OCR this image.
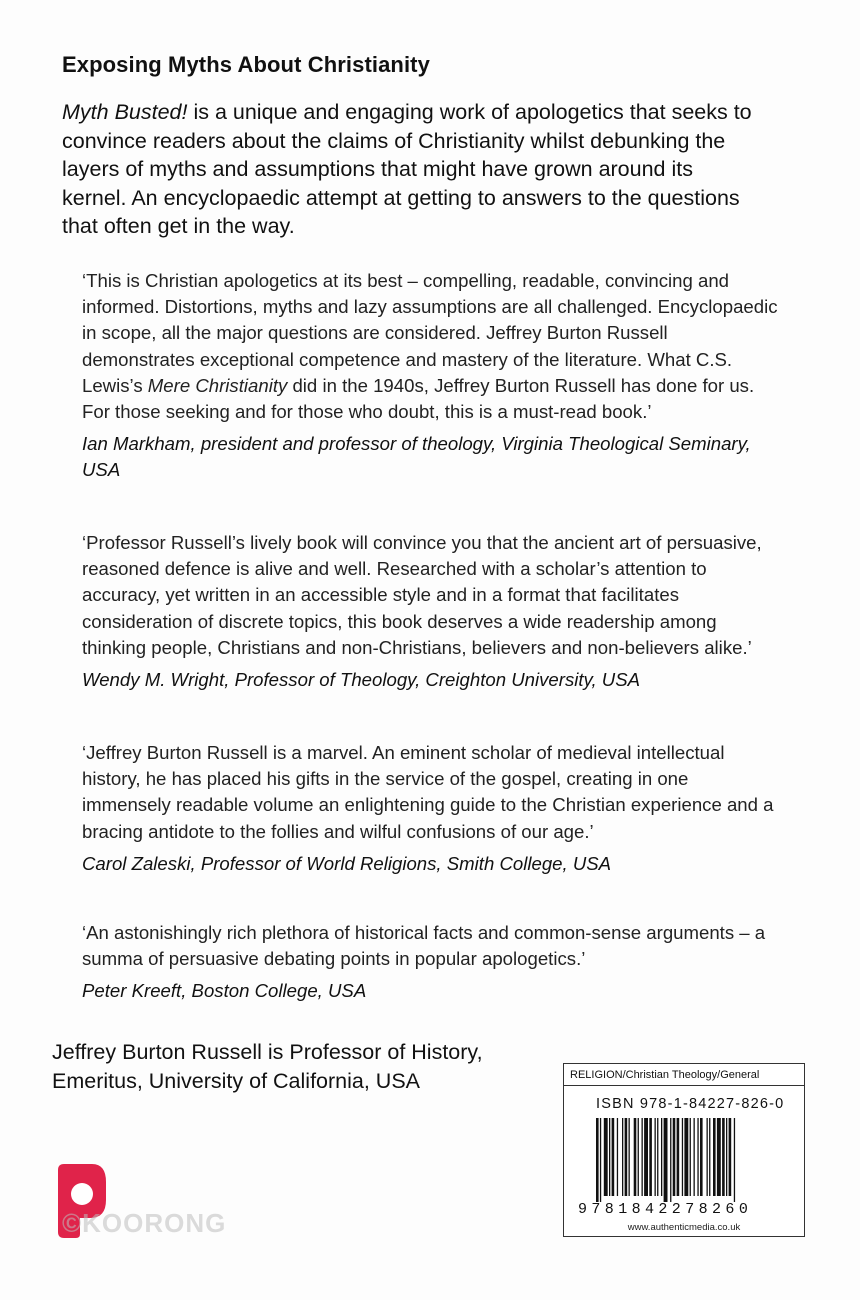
Exposing Myths About Christianity
Myth Busted! is a unique and engaging work of apologetics that seeks to convince readers about the claims of Christianity whilst debunking the layers of myths and assumptions that might have grown around its kernel. An encyclopaedic attempt at getting to answers to the questions that often get in the way.

‘This is Christian apologetics at its best – compelling, readable, convincing and informed. Distortions, myths and lazy assumptions are all challenged. Encyclopaedic in scope, all the major questions are considered. Jeffrey Burton Russell demonstrates exceptional competence and mastery of the literature. What C.S. Lewis’s Mere Christianity did in the 1940s, Jeffrey Burton Russell has done for us. For those seeking and for those who doubt, this is a must-read book.’

Ian Markham, president and professor of theology, Virginia Theological Seminary, USA

‘Professor Russell’s lively book will convince you that the ancient art of persuasive, reasoned defence is alive and well. Researched with a scholar’s attention to accuracy, yet written in an accessible style and in a format that facilitates consideration of discrete topics, this book deserves a wide readership among thinking people, Christians and non-Christians, believers and non-believers alike.’

Wendy M. Wright, Professor of Theology, Creighton University, USA

‘Jeffrey Burton Russell is a marvel. An eminent scholar of medieval intellectual history, he has placed his gifts in the service of the gospel, creating in one immensely readable volume an enlightening guide to the Christian experience and a bracing antidote to the follies and wilful confusions of our age.’

Carol Zaleski, Professor of World Religions, Smith College, USA

‘An astonishingly rich plethora of historical facts and common-sense arguments – a summa of persuasive debating points in popular apologetics.’

Peter Kreeft, Boston College, USA

Jeffrey Burton Russell is Professor of History, Emeritus, University of California, USA
©KOORONG
RELIGION/Christian Theology/General
ISBN 978-1-84227-826-0
9781842278260
www.authenticmedia.co.uk
